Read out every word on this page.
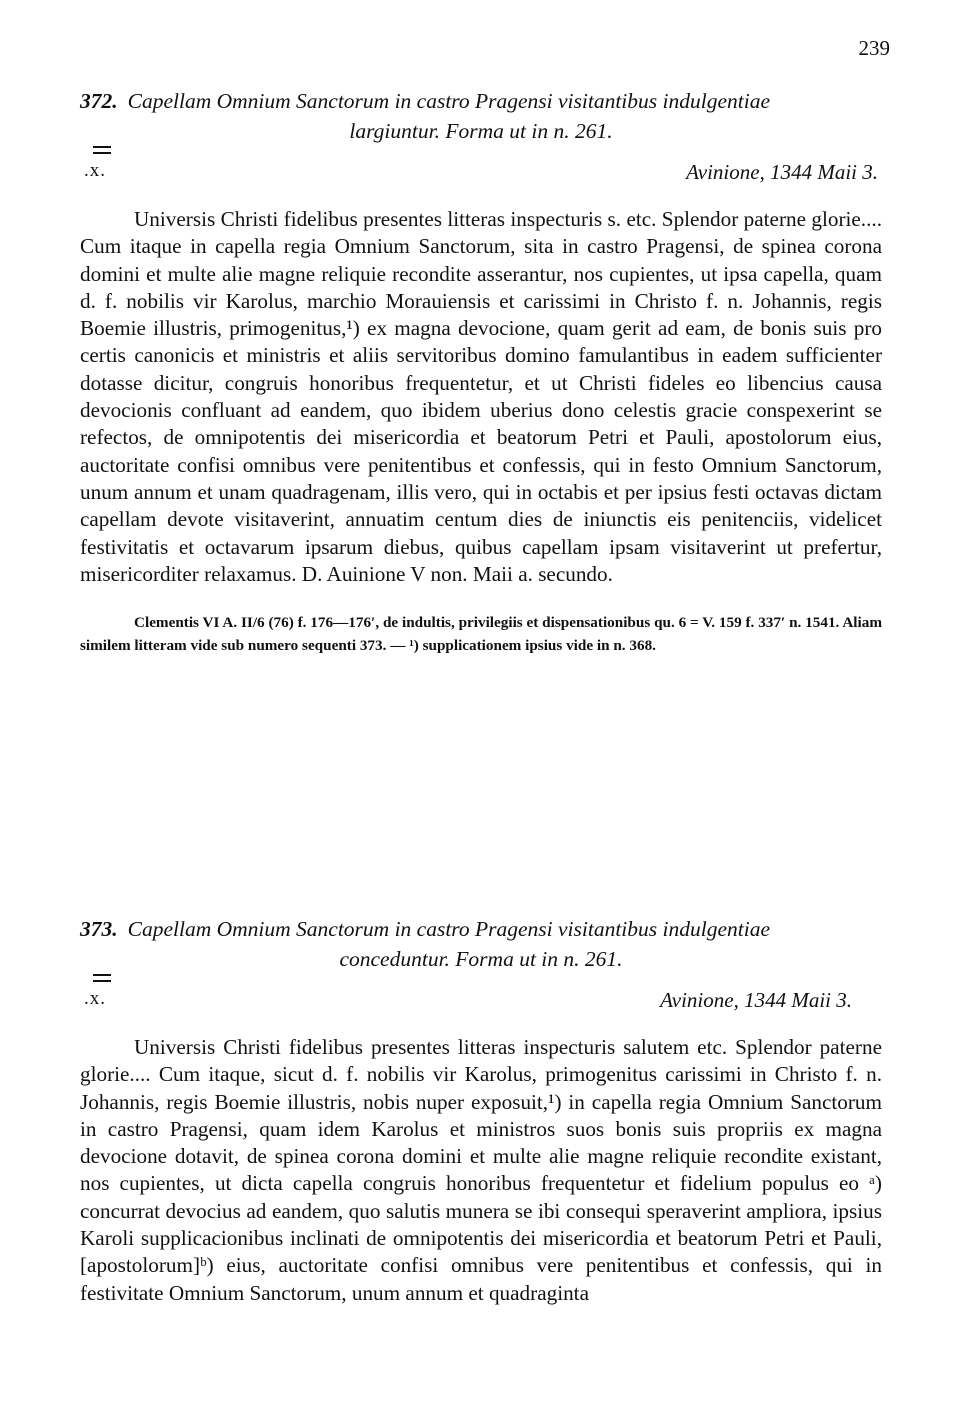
239
372. Capellam Omnium Sanctorum in castro Pragensi visitantibus indulgentiae
largiuntur. Forma ut in n. 261.
.x.	Avinione, 1344 Maii 3.

Universis Christi fidelibus presentes litteras inspecturis s. etc. Splendor paterne glorie.... Cum itaque in capella regia Omnium Sanctorum, sita in castro Pragensi, de spinea corona domini et multe alie magne reliquie recondite asserantur, nos cupientes, ut ipsa capella, quam d. f. nobilis vir Karolus, marchio Morauiensis et carissimi in Christo f. n. Johannis, regis Boemie illustris, primogenitus,¹) ex magna devocione, quam gerit ad eam, de bonis suis pro certis canonicis et ministris et aliis servitoribus domino famulantibus in eadem sufficienter dotasse dicitur, congruis honoribus frequentetur, et ut Christi fideles eo libencius causa devocionis confluant ad eandem, quo ibidem uberius dono celestis gracie conspexerint se refectos, de omnipotentis dei misericordia et beatorum Petri et Pauli, apostolorum eius, auctoritate confisi omnibus vere penitentibus et confessis, qui in festo Omnium Sanctorum, unum annum et unam quadragenam, illis vero, qui in octabis et per ipsius festi octavas dictam capellam devote visitaverint, annuatim centum dies de iniunctis eis penitenciis, videlicet festivitatis et octavarum ipsarum diebus, quibus capellam ipsam visitaverint ut prefertur, misericorditer relaxamus. D. Auinione V non. Maii a. secundo.

Clementis VI A. II/6 (76) f. 176—176′, de indultis, privilegiis et dispensationibus qu. 6 = V. 159 f. 337′ n. 1541. Aliam similem litteram vide sub numero sequenti 373. — ¹) supplicationem ipsius vide in n. 368.

373. Capellam Omnium Sanctorum in castro Pragensi visitantibus indulgentiae
conceduntur. Forma ut in n. 261.
.x.	Avinione, 1344 Maii 3.

Universis Christi fidelibus presentes litteras inspecturis salutem etc. Splendor paterne glorie.... Cum itaque, sicut d. f. nobilis vir Karolus, primogenitus carissimi in Christo f. n. Johannis, regis Boemie illustris, nobis nuper exposuit,¹) in capella regia Omnium Sanctorum in castro Pragensi, quam idem Karolus et ministros suos bonis suis propriis ex magna devocione dotavit, de spinea corona domini et multe alie magne reliquie recondite existant, nos cupientes, ut dicta capella congruis honoribus frequentetur et fidelium populus eo ᵃ) concurrat devocius ad eandem, quo salutis munera se ibi consequi speraverint ampliora, ipsius Karoli supplicacionibus inclinati de omnipotentis dei misericordia et beatorum Petri et Pauli, [apostolorum]ᵇ) eius, auctoritate confisi omnibus vere penitentibus et confessis, qui in festivitate Omnium Sanctorum, unum annum et quadraginta
